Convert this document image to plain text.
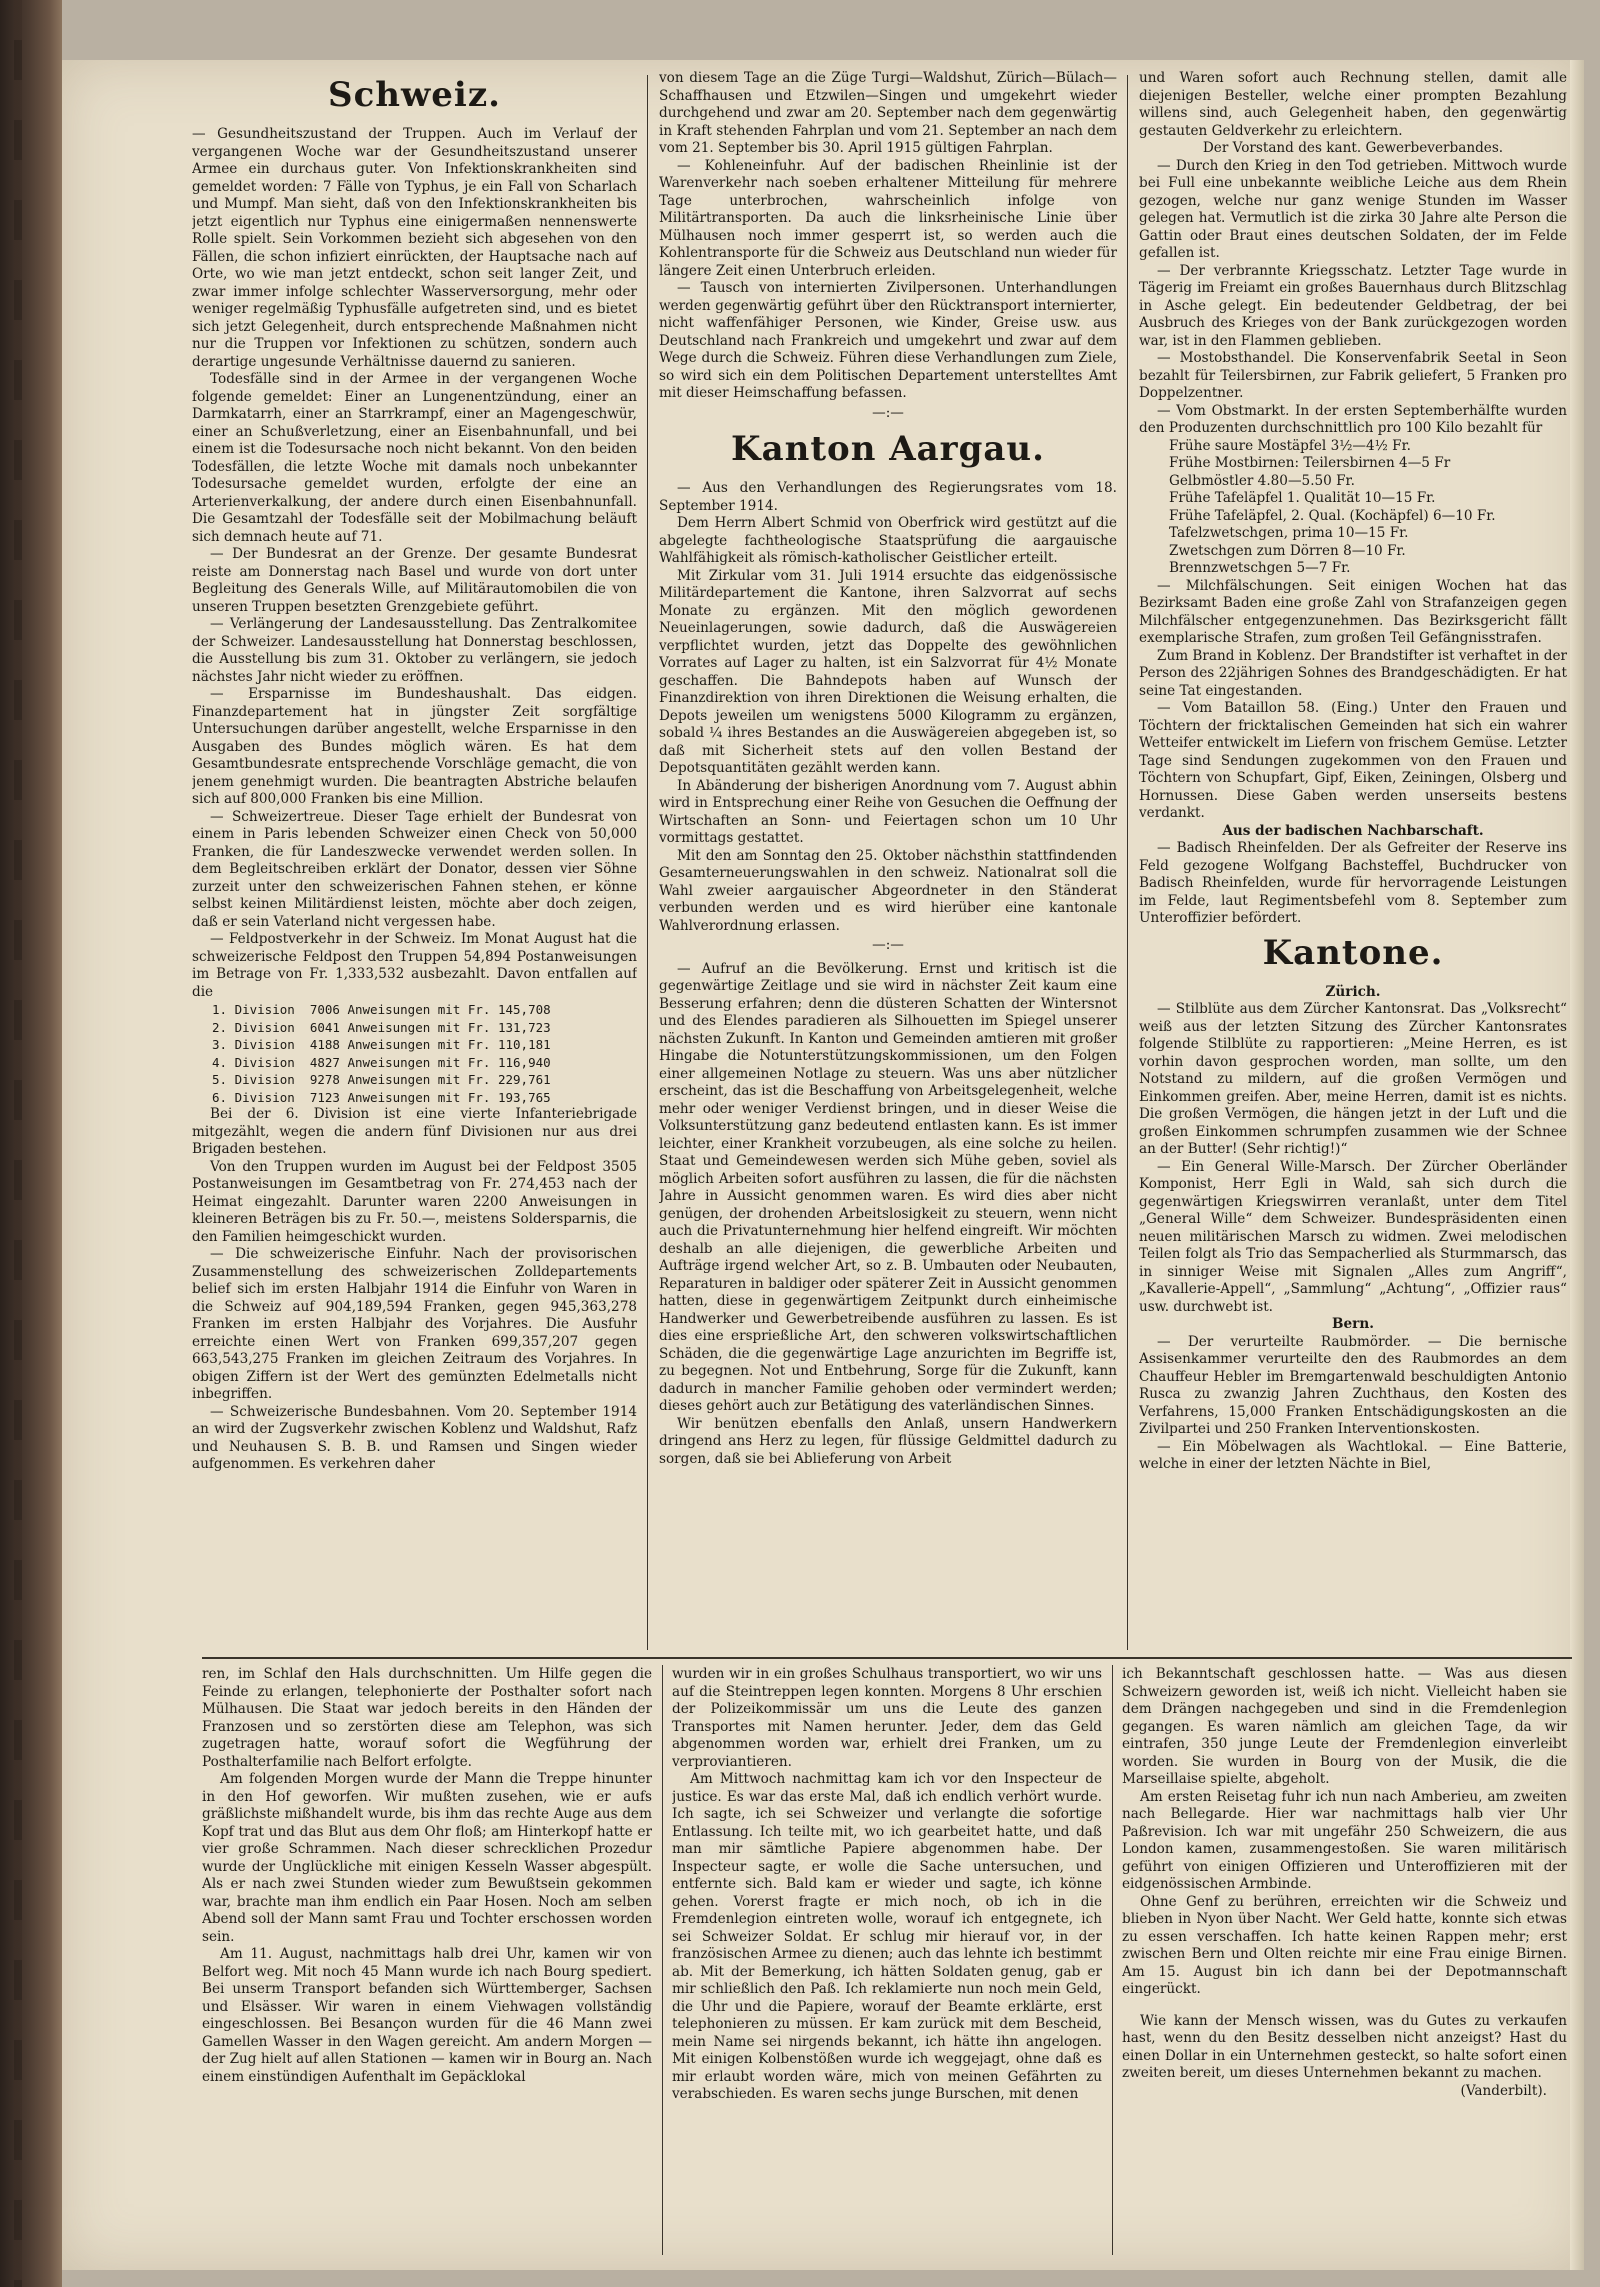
Schweiz.

— Gesundheitszustand der Truppen. Auch im Verlauf der vergangenen Woche war der Gesundheitszustand unserer Armee ein durchaus guter. Von Infektionskrankheiten sind gemeldet worden: 7 Fälle von Typhus, je ein Fall von Scharlach und Mumpf. Man sieht, daß von den Infektionskrankheiten bis jetzt eigentlich nur Typhus eine einigermaßen nennenswerte Rolle spielt. Sein Vorkommen bezieht sich abgesehen von den Fällen, die schon infiziert einrückten, der Hauptsache nach auf Orte, wo wie man jetzt entdeckt, schon seit langer Zeit, und zwar immer infolge schlechter Wasserversorgung, mehr oder weniger regelmäßig Typhusfälle aufgetreten sind, und es bietet sich jetzt Gelegenheit, durch entsprechende Maßnahmen nicht nur die Truppen vor Infektionen zu schützen, sondern auch derartige ungesunde Verhältnisse dauernd zu sanieren.

Todesfälle sind in der Armee in der vergangenen Woche folgende gemeldet: Einer an Lungenentzündung, einer an Darmkatarrh, einer an Starrkrampf, einer an Magengeschwür, einer an Schußverletzung, einer an Eisenbahnunfall, und bei einem ist die Todesursache noch nicht bekannt. Von den beiden Todesfällen, die letzte Woche mit damals noch unbekannter Todesursache gemeldet wurden, erfolgte der eine an Arterienverkalkung, der andere durch einen Eisenbahnunfall. Die Gesamtzahl der Todesfälle seit der Mobilmachung beläuft sich demnach heute auf 71.

— Der Bundesrat an der Grenze. Der gesamte Bundesrat reiste am Donnerstag nach Basel und wurde von dort unter Begleitung des Generals Wille, auf Militärautomobilen die von unseren Truppen besetzten Grenzgebiete geführt.

— Verlängerung der Landesausstellung. Das Zentralkomitee der Schweizer. Landesausstellung hat Donnerstag beschlossen, die Ausstellung bis zum 31. Oktober zu verlängern, sie jedoch nächstes Jahr nicht wieder zu eröffnen.

— Ersparnisse im Bundeshaushalt. Das eidgen. Finanzdepartement hat in jüngster Zeit sorgfältige Untersuchungen darüber angestellt, welche Ersparnisse in den Ausgaben des Bundes möglich wären. Es hat dem Gesamtbundesrate entsprechende Vorschläge gemacht, die von jenem genehmigt wurden. Die beantragten Abstriche belaufen sich auf 800,000 Franken bis eine Million.

— Schweizertreue. Dieser Tage erhielt der Bundesrat von einem in Paris lebenden Schweizer einen Check von 50,000 Franken, die für Landeszwecke verwendet werden sollen. In dem Begleitschreiben erklärt der Donator, dessen vier Söhne zurzeit unter den schweizerischen Fahnen stehen, er könne selbst keinen Militärdienst leisten, möchte aber doch zeigen, daß er sein Vaterland nicht vergessen habe.

— Feldpostverkehr in der Schweiz. Im Monat August hat die schweizerische Feldpost den Truppen 54,894 Postanweisungen im Betrage von Fr. 1,333,532 ausbezahlt. Davon entfallen auf die

1. Division  7006 Anweisungen mit Fr. 145,708
2. Division  6041 Anweisungen mit Fr. 131,723
3. Division  4188 Anweisungen mit Fr. 110,181
4. Division  4827 Anweisungen mit Fr. 116,940
5. Division  9278 Anweisungen mit Fr. 229,761
6. Division  7123 Anweisungen mit Fr. 193,765

Bei der 6. Division ist eine vierte Infanteriebrigade mitgezählt, wegen die andern fünf Divisionen nur aus drei Brigaden bestehen.

Von den Truppen wurden im August bei der Feldpost 3505 Postanweisungen im Gesamtbetrag von Fr. 274,453 nach der Heimat eingezahlt. Darunter waren 2200 Anweisungen in kleineren Beträgen bis zu Fr. 50.—, meistens Soldersparnis, die den Familien heimgeschickt wurden.

— Die schweizerische Einfuhr. Nach der provisorischen Zusammenstellung des schweizerischen Zolldepartements belief sich im ersten Halbjahr 1914 die Einfuhr von Waren in die Schweiz auf 904,189,594 Franken, gegen 945,363,278 Franken im ersten Halbjahr des Vorjahres. Die Ausfuhr erreichte einen Wert von Franken 699,357,207 gegen 663,543,275 Franken im gleichen Zeitraum des Vorjahres. In obigen Ziffern ist der Wert des gemünzten Edelmetalls nicht inbegriffen.

— Schweizerische Bundesbahnen. Vom 20. September 1914 an wird der Zugsverkehr zwischen Koblenz und Waldshut, Rafz und Neuhausen S. B. B. und Ramsen und Singen wieder aufgenommen. Es verkehren daher

von diesem Tage an die Züge Turgi—Waldshut, Zürich—Bülach—Schaffhausen und Etzwilen—Singen und umgekehrt wieder durchgehend und zwar am 20. September nach dem gegenwärtig in Kraft stehenden Fahrplan und vom 21. September an nach dem vom 21. September bis 30. April 1915 gültigen Fahrplan.

— Kohleneinfuhr. Auf der badischen Rheinlinie ist der Warenverkehr nach soeben erhaltener Mitteilung für mehrere Tage unterbrochen, wahrscheinlich infolge von Militärtransporten. Da auch die linksrheinische Linie über Mülhausen noch immer gesperrt ist, so werden auch die Kohlentransporte für die Schweiz aus Deutschland nun wieder für längere Zeit einen Unterbruch erleiden.

— Tausch von internierten Zivilpersonen. Unterhandlungen werden gegenwärtig geführt über den Rücktransport internierter, nicht waffenfähiger Personen, wie Kinder, Greise usw. aus Deutschland nach Frankreich und umgekehrt und zwar auf dem Wege durch die Schweiz. Führen diese Verhandlungen zum Ziele, so wird sich ein dem Politischen Departement unterstelltes Amt mit dieser Heimschaffung befassen.

—:—
Kanton Aargau.

— Aus den Verhandlungen des Regierungsrates vom 18. September 1914.

Dem Herrn Albert Schmid von Oberfrick wird gestützt auf die abgelegte fachtheologische Staatsprüfung die aargauische Wahlfähigkeit als römisch-katholischer Geistlicher erteilt.

Mit Zirkular vom 31. Juli 1914 ersuchte das eidgenössische Militärdepartement die Kantone, ihren Salzvorrat auf sechs Monate zu ergänzen. Mit den möglich gewordenen Neueinlagerungen, sowie dadurch, daß die Auswägereien verpflichtet wurden, jetzt das Doppelte des gewöhnlichen Vorrates auf Lager zu halten, ist ein Salzvorrat für 4½ Monate geschaffen. Die Bahndepots haben auf Wunsch der Finanzdirektion von ihren Direktionen die Weisung erhalten, die Depots jeweilen um wenigstens 5000 Kilogramm zu ergänzen, sobald ¼ ihres Bestandes an die Auswägereien abgegeben ist, so daß mit Sicherheit stets auf den vollen Bestand der Depotsquantitäten gezählt werden kann.

In Abänderung der bisherigen Anordnung vom 7. August abhin wird in Entsprechung einer Reihe von Gesuchen die Oeffnung der Wirtschaften an Sonn- und Feiertagen schon um 10 Uhr vormittags gestattet.

Mit den am Sonntag den 25. Oktober nächsthin stattfindenden Gesamterneuerungswahlen in den schweiz. Nationalrat soll die Wahl zweier aargauischer Abgeordneter in den Ständerat verbunden werden und es wird hierüber eine kantonale Wahlverordnung erlassen.

—:—

— Aufruf an die Bevölkerung. Ernst und kritisch ist die gegenwärtige Zeitlage und sie wird in nächster Zeit kaum eine Besserung erfahren; denn die düsteren Schatten der Wintersnot und des Elendes paradieren als Silhouetten im Spiegel unserer nächsten Zukunft. In Kanton und Gemeinden amtieren mit großer Hingabe die Notunterstützungskommissionen, um den Folgen einer allgemeinen Notlage zu steuern. Was uns aber nützlicher erscheint, das ist die Beschaffung von Arbeitsgelegenheit, welche mehr oder weniger Verdienst bringen, und in dieser Weise die Volksunterstützung ganz bedeutend entlasten kann. Es ist immer leichter, einer Krankheit vorzubeugen, als eine solche zu heilen. Staat und Gemeindewesen werden sich Mühe geben, soviel als möglich Arbeiten sofort ausführen zu lassen, die für die nächsten Jahre in Aussicht genommen waren. Es wird dies aber nicht genügen, der drohenden Arbeitslosigkeit zu steuern, wenn nicht auch die Privatunternehmung hier helfend eingreift. Wir möchten deshalb an alle diejenigen, die gewerbliche Arbeiten und Aufträge irgend welcher Art, so z. B. Umbauten oder Neubauten, Reparaturen in baldiger oder späterer Zeit in Aussicht genommen hatten, diese in gegenwärtigem Zeitpunkt durch einheimische Handwerker und Gewerbetreibende ausführen zu lassen. Es ist dies eine ersprießliche Art, den schweren volkswirtschaftlichen Schäden, die die gegenwärtige Lage anzurichten im Begriffe ist, zu begegnen. Not und Entbehrung, Sorge für die Zukunft, kann dadurch in mancher Familie gehoben oder vermindert werden; dieses gehört auch zur Betätigung des vaterländischen Sinnes.

Wir benützen ebenfalls den Anlaß, unsern Handwerkern dringend ans Herz zu legen, für flüssige Geldmittel dadurch zu sorgen, daß sie bei Ablieferung von Arbeit

und Waren sofort auch Rechnung stellen, damit alle diejenigen Besteller, welche einer prompten Bezahlung willens sind, auch Gelegenheit haben, den gegenwärtig gestauten Geldverkehr zu erleichtern.

Der Vorstand des kant. Gewerbeverbandes.

— Durch den Krieg in den Tod getrieben. Mittwoch wurde bei Full eine unbekannte weibliche Leiche aus dem Rhein gezogen, welche nur ganz wenige Stunden im Wasser gelegen hat. Vermutlich ist die zirka 30 Jahre alte Person die Gattin oder Braut eines deutschen Soldaten, der im Felde gefallen ist.

— Der verbrannte Kriegsschatz. Letzter Tage wurde in Tägerig im Freiamt ein großes Bauernhaus durch Blitzschlag in Asche gelegt. Ein bedeutender Geldbetrag, der bei Ausbruch des Krieges von der Bank zurückgezogen worden war, ist in den Flammen geblieben.

— Mostobsthandel. Die Konservenfabrik Seetal in Seon bezahlt für Teilersbirnen, zur Fabrik geliefert, 5 Franken pro Doppelzentner.

— Vom Obstmarkt. In der ersten Septemberhälfte wurden den Produzenten durchschnittlich pro 100 Kilo bezahlt für

Frühe saure Mostäpfel 3½—4½ Fr.
Frühe Mostbirnen: Teilersbirnen 4—5 Fr
Gelbmöstler 4.80—5.50 Fr.
Frühe Tafeläpfel 1. Qualität 10—15 Fr.
Frühe Tafeläpfel, 2. Qual. (Kochäpfel) 6—10 Fr.
Tafelzwetschgen, prima 10—15 Fr.
Zwetschgen zum Dörren 8—10 Fr.
Brennzwetschgen 5—7 Fr.

— Milchfälschungen. Seit einigen Wochen hat das Bezirksamt Baden eine große Zahl von Strafanzeigen gegen Milchfälscher entgegenzunehmen. Das Bezirksgericht fällt exemplarische Strafen, zum großen Teil Gefängnisstrafen.

Zum Brand in Koblenz. Der Brandstifter ist verhaftet in der Person des 22jährigen Sohnes des Brandgeschädigten. Er hat seine Tat eingestanden.

— Vom Bataillon 58. (Eing.) Unter den Frauen und Töchtern der fricktalischen Gemeinden hat sich ein wahrer Wetteifer entwickelt im Liefern von frischem Gemüse. Letzter Tage sind Sendungen zugekommen von den Frauen und Töchtern von Schupfart, Gipf, Eiken, Zeiningen, Olsberg und Hornussen. Diese Gaben werden unserseits bestens verdankt.

Aus der badischen Nachbarschaft.

— Badisch Rheinfelden. Der als Gefreiter der Reserve ins Feld gezogene Wolfgang Bachsteffel, Buchdrucker von Badisch Rheinfelden, wurde für hervorragende Leistungen im Felde, laut Regimentsbefehl vom 8. September zum Unteroffizier befördert.

Kantone.
Zürich.

— Stilblüte aus dem Zürcher Kantonsrat. Das „Volksrecht“ weiß aus der letzten Sitzung des Zürcher Kantonsrates folgende Stilblüte zu rapportieren: „Meine Herren, es ist vorhin davon gesprochen worden, man sollte, um den Notstand zu mildern, auf die großen Vermögen und Einkommen greifen. Aber, meine Herren, damit ist es nichts. Die großen Vermögen, die hängen jetzt in der Luft und die großen Einkommen schrumpfen zusammen wie der Schnee an der Butter! (Sehr richtig!)“

— Ein General Wille-Marsch. Der Zürcher Oberländer Komponist, Herr Egli in Wald, sah sich durch die gegenwärtigen Kriegswirren veranlaßt, unter dem Titel „General Wille“ dem Schweizer. Bundespräsidenten einen neuen militärischen Marsch zu widmen. Zwei melodischen Teilen folgt als Trio das Sempacherlied als Sturmmarsch, das in sinniger Weise mit Signalen „Alles zum Angriff“, „Kavallerie-Appell“, „Sammlung“ „Achtung“, „Offizier raus“ usw. durchwebt ist.

Bern.

— Der verurteilte Raubmörder. — Die bernische Assisenkammer verurteilte den des Raubmordes an dem Chauffeur Hebler im Bremgartenwald beschuldigten Antonio Rusca zu zwanzig Jahren Zuchthaus, den Kosten des Verfahrens, 15,000 Franken Entschädigungskosten an die Zivilpartei und 250 Franken Interventionskosten.

— Ein Möbelwagen als Wachtlokal. — Eine Batterie, welche in einer der letzten Nächte in Biel,

ren, im Schlaf den Hals durchschnitten. Um Hilfe gegen die Feinde zu erlangen, telephonierte der Posthalter sofort nach Mülhausen. Die Staat war jedoch bereits in den Händen der Franzosen und so zerstörten diese am Telephon, was sich zugetragen hatte, worauf sofort die Wegführung der Posthalterfamilie nach Belfort erfolgte.

Am folgenden Morgen wurde der Mann die Treppe hinunter in den Hof geworfen. Wir mußten zusehen, wie er aufs gräßlichste mißhandelt wurde, bis ihm das rechte Auge aus dem Kopf trat und das Blut aus dem Ohr floß; am Hinterkopf hatte er vier große Schrammen. Nach dieser schrecklichen Prozedur wurde der Unglückliche mit einigen Kesseln Wasser abgespült. Als er nach zwei Stunden wieder zum Bewußtsein gekommen war, brachte man ihm endlich ein Paar Hosen. Noch am selben Abend soll der Mann samt Frau und Tochter erschossen worden sein.

Am 11. August, nachmittags halb drei Uhr, kamen wir von Belfort weg. Mit noch 45 Mann wurde ich nach Bourg spediert. Bei unserm Transport befanden sich Württemberger, Sachsen und Elsässer. Wir waren in einem Viehwagen vollständig eingeschlossen. Bei Besançon wurden für die 46 Mann zwei Gamellen Wasser in den Wagen gereicht. Am andern Morgen — der Zug hielt auf allen Stationen — kamen wir in Bourg an. Nach einem einstündigen Aufenthalt im Gepäcklokal

wurden wir in ein großes Schulhaus transportiert, wo wir uns auf die Steintreppen legen konnten. Morgens 8 Uhr erschien der Polizeikommissär um uns die Leute des ganzen Transportes mit Namen herunter. Jeder, dem das Geld abgenommen worden war, erhielt drei Franken, um zu verproviantieren.

Am Mittwoch nachmittag kam ich vor den Inspecteur de justice. Es war das erste Mal, daß ich endlich verhört wurde. Ich sagte, ich sei Schweizer und verlangte die sofortige Entlassung. Ich teilte mit, wo ich gearbeitet hatte, und daß man mir sämtliche Papiere abgenommen habe. Der Inspecteur sagte, er wolle die Sache untersuchen, und entfernte sich. Bald kam er wieder und sagte, ich könne gehen. Vorerst fragte er mich noch, ob ich in die Fremdenlegion eintreten wolle, worauf ich entgegnete, ich sei Schweizer Soldat. Er schlug mir hierauf vor, in der französischen Armee zu dienen; auch das lehnte ich bestimmt ab. Mit der Bemerkung, ich hätten Soldaten genug, gab er mir schließlich den Paß. Ich reklamierte nun noch mein Geld, die Uhr und die Papiere, worauf der Beamte erklärte, erst telephonieren zu müssen. Er kam zurück mit dem Bescheid, mein Name sei nirgends bekannt, ich hätte ihn angelogen. Mit einigen Kolbenstößen wurde ich weggejagt, ohne daß es mir erlaubt worden wäre, mich von meinen Gefährten zu verabschieden. Es waren sechs junge Burschen, mit denen

ich Bekanntschaft geschlossen hatte. — Was aus diesen Schweizern geworden ist, weiß ich nicht. Vielleicht haben sie dem Drängen nachgegeben und sind in die Fremdenlegion gegangen. Es waren nämlich am gleichen Tage, da wir eintrafen, 350 junge Leute der Fremdenlegion einverleibt worden. Sie wurden in Bourg von der Musik, die die Marseillaise spielte, abgeholt.

Am ersten Reisetag fuhr ich nun nach Amberieu, am zweiten nach Bellegarde. Hier war nachmittags halb vier Uhr Paßrevision. Ich war mit ungefähr 250 Schweizern, die aus London kamen, zusammengestoßen. Sie waren militärisch geführt von einigen Offizieren und Unteroffizieren mit der eidgenössischen Armbinde.

Ohne Genf zu berühren, erreichten wir die Schweiz und blieben in Nyon über Nacht. Wer Geld hatte, konnte sich etwas zu essen verschaffen. Ich hatte keinen Rappen mehr; erst zwischen Bern und Olten reichte mir eine Frau einige Birnen. Am 15. August bin ich dann bei der Depotmannschaft eingerückt.

Wie kann der Mensch wissen, was du Gutes zu verkaufen hast, wenn du den Besitz desselben nicht anzeigst? Hast du einen Dollar in ein Unternehmen gesteckt, so halte sofort einen zweiten bereit, um dieses Unternehmen bekannt zu machen.

(Vanderbilt).
